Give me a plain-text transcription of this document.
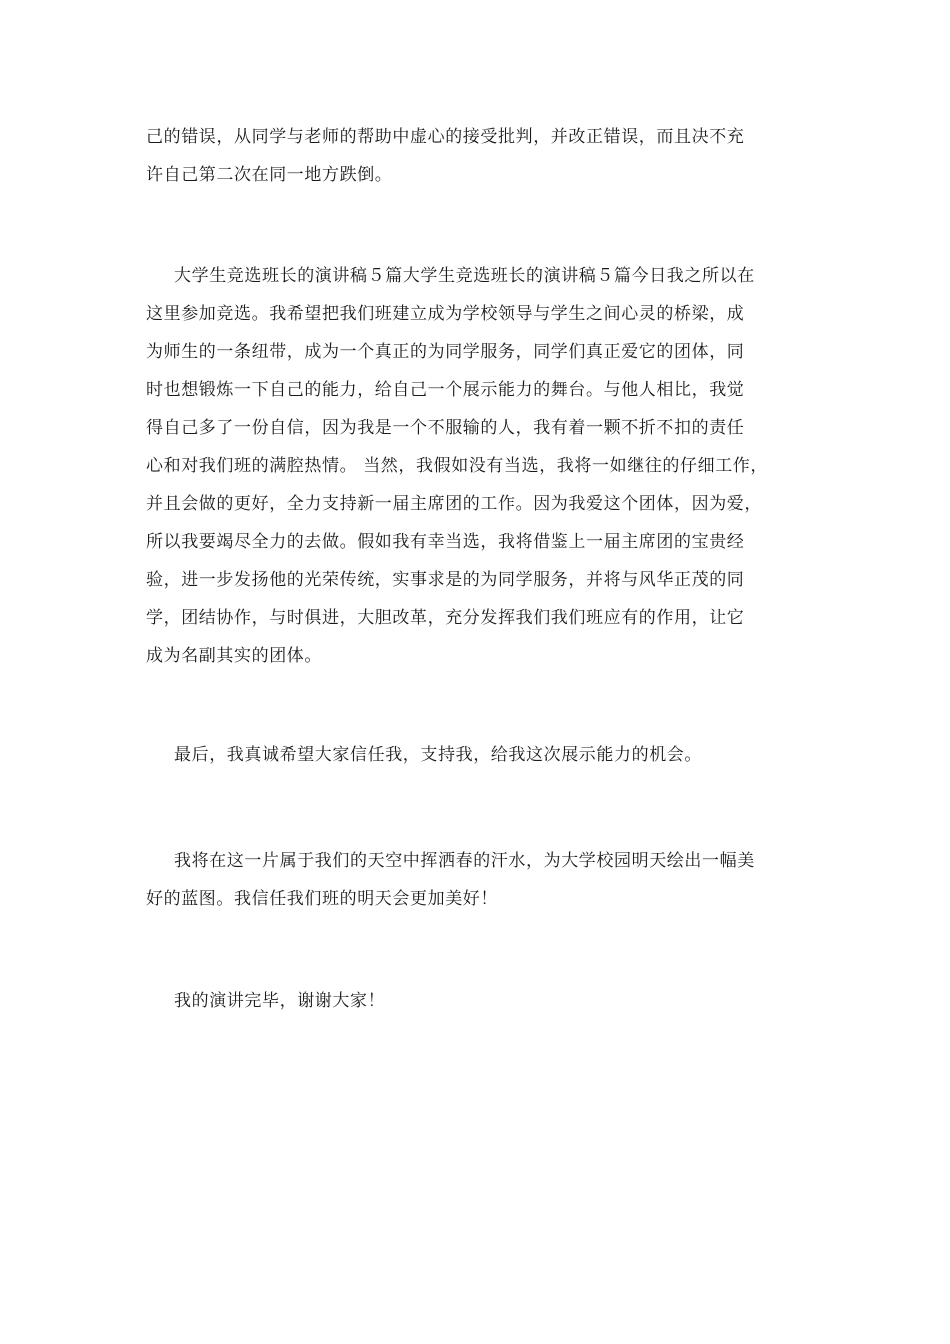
己的错误，从同学与老师的帮助中虚心的接受批判，并改正错误，而且决不充
许自己第二次在同一地方跌倒。
大学生竞选班长的演讲稿５篇大学生竞选班长的演讲稿５篇今日我之所以在
这里参加竞选。我希望把我们班建立成为学校领导与学生之间心灵的桥梁，成
为师生的一条纽带，成为一个真正的为同学服务，同学们真正爱它的团体，同
时也想锻炼一下自己的能力，给自己一个展示能力的舞台。与他人相比，我觉
得自己多了一份自信，因为我是一个不服输的人，我有着一颗不折不扣的责任
心和对我们班的满腔热情。 当然，我假如没有当选，我将一如继往的仔细工作，
并且会做的更好，全力支持新一届主席团的工作。因为我爱这个团体，因为爱，
所以我要竭尽全力的去做。假如我有幸当选，我将借鉴上一届主席团的宝贵经
验，进一步发扬他的光荣传统，实事求是的为同学服务，并将与风华正茂的同
学，团结协作，与时俱进，大胆改革，充分发挥我们我们班应有的作用，让它
成为名副其实的团体。
最后，我真诚希望大家信任我，支持我，给我这次展示能力的机会。
我将在这一片属于我们的天空中挥洒春的汗水，为大学校园明天绘出一幅美
好的蓝图。我信任我们班的明天会更加美好！
我的演讲完毕，谢谢大家！
